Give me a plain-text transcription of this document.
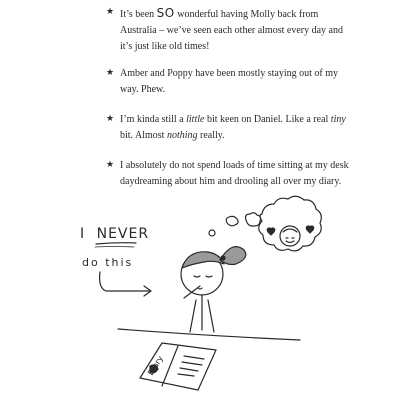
★ It’s been SO wonderful having Molly back from Australia – we’ve seen each other almost every day and it’s just like old times!
★ Amber and Poppy have been mostly staying out of my way. Phew.
★ I’m kinda still a little bit keen on Daniel. Like a real tiny bit. Almost nothing really.
★ I absolutely do not spend loads of time sitting at my desk daydreaming about him and drooling all over my diary.
I NEVER
do this
Diary
